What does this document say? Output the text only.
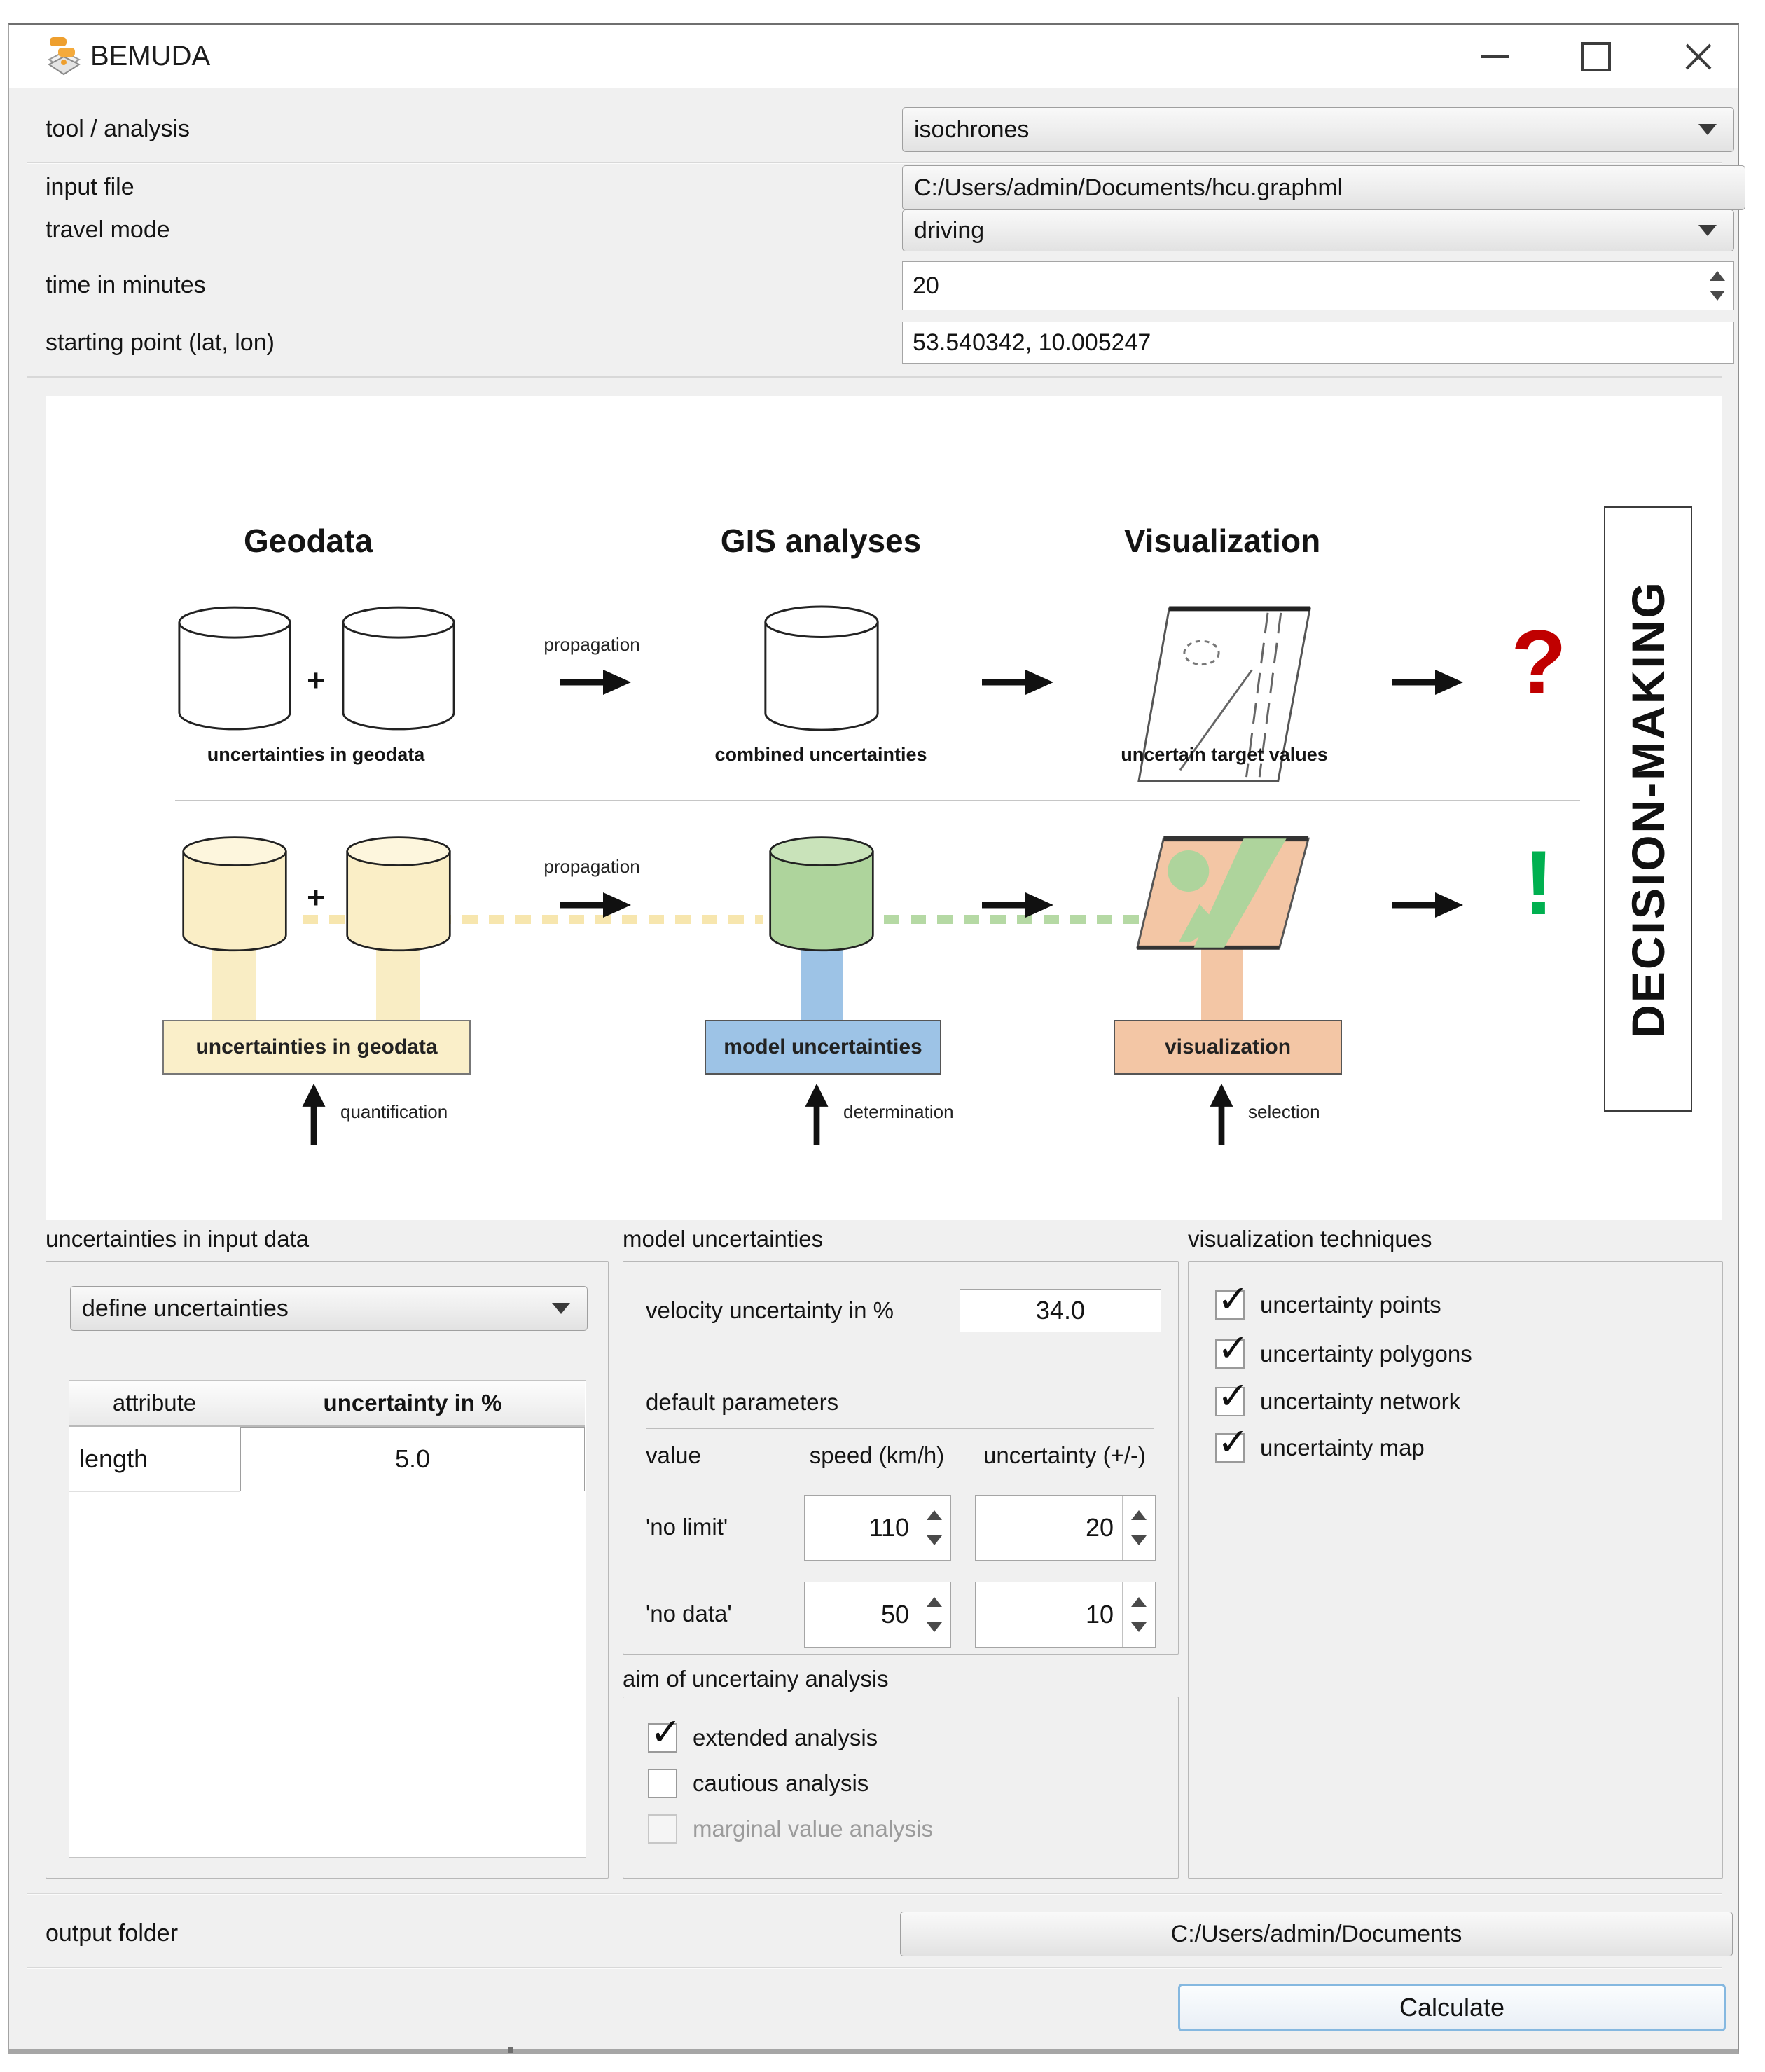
BEMUDA
tool / analysis	isochrones
input file	C:/Users/admin/Documents/hcu.graphml
travel mode	driving
time in minutes	20
starting point (lat, lon)	53.540342, 10.005247
Geodata	GIS analyses	Visualization
+
propagation	?
uncertainties in geodata	combined uncertainties	uncertain target values
+
propagation	!
uncertainties in geodata	model uncertainties	visualization
quantification	determination	selection
DECISION-MAKING
uncertainties in input data	model uncertainties	visualization techniques
define uncertainties
attribute	uncertainty in %
length	5.0
velocity uncertainty in %	34.0
default parameters
value	speed (km/h)	uncertainty (+/-)
'no limit'	110	20
'no data'	50	10
aim of uncertainy analysis
✓ extended analysis
cautious analysis
marginal value analysis
✓ uncertainty points
✓ uncertainty polygons
✓ uncertainty network
✓ uncertainty map
output folder	C:/Users/admin/Documents
Calculate
